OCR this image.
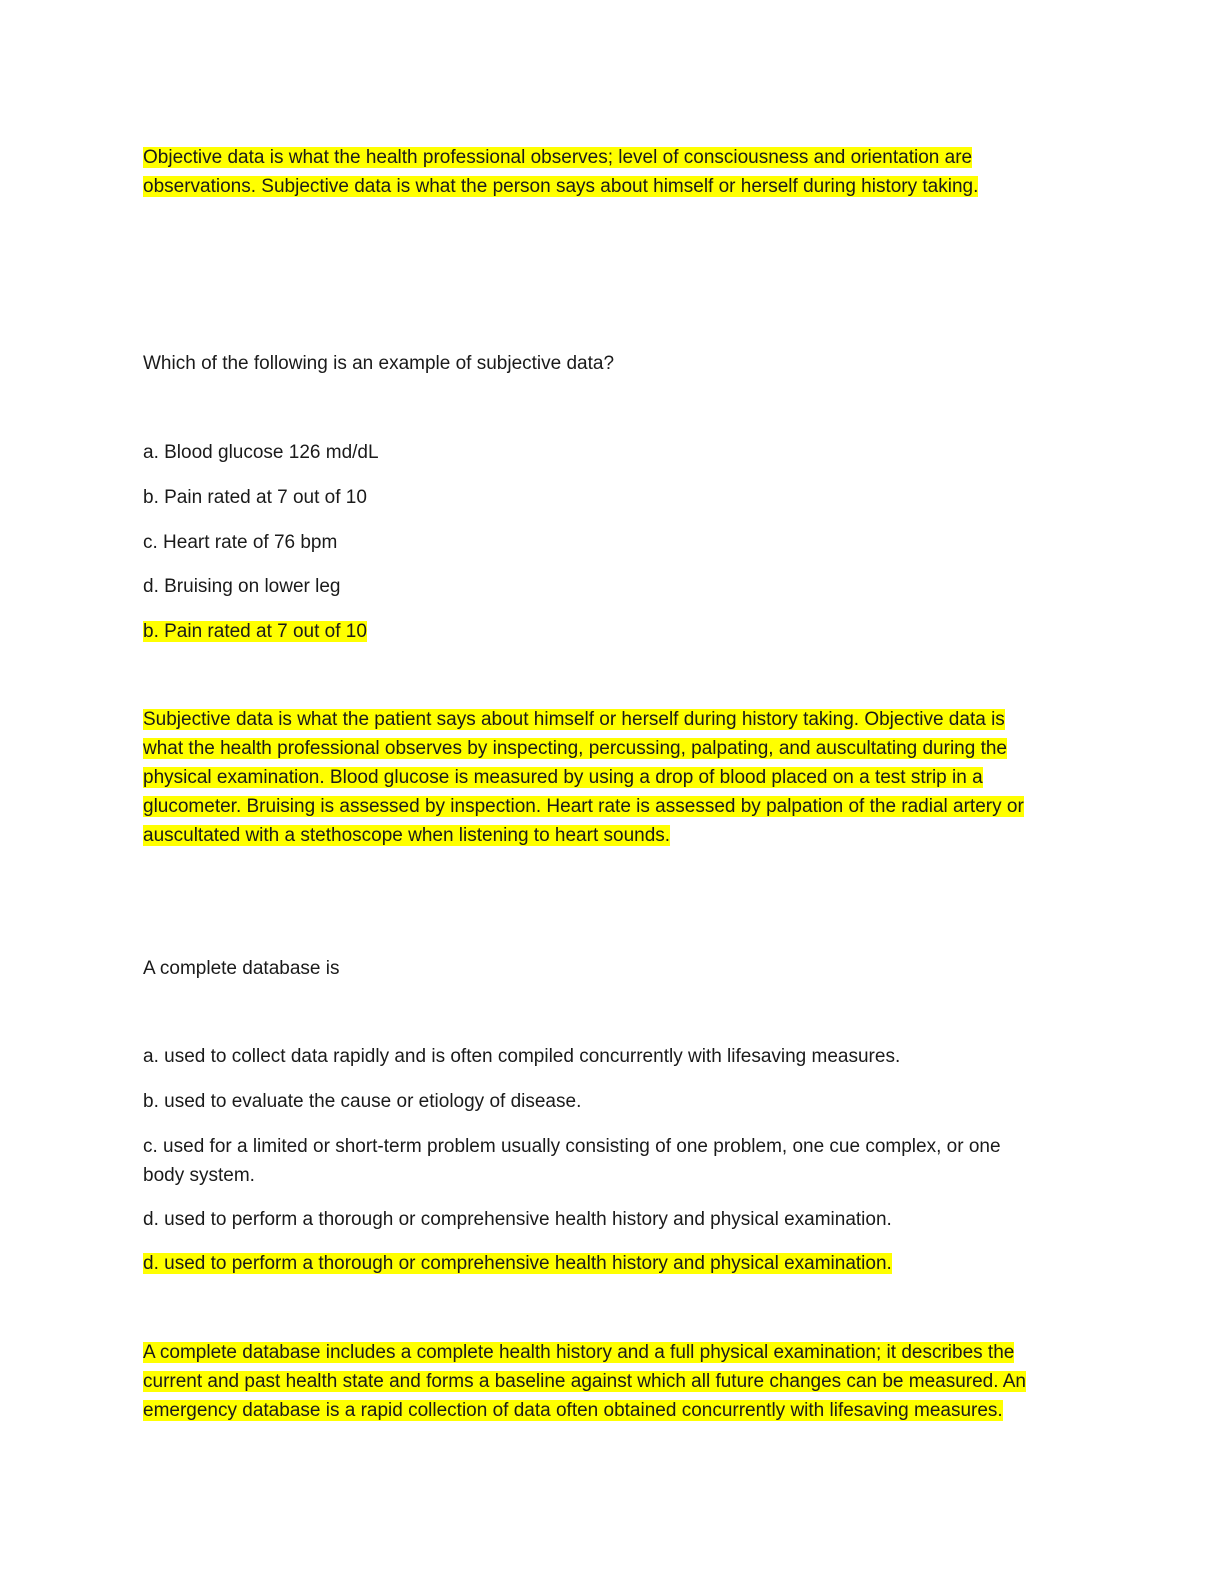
Objective data is what the health professional observes; level of consciousness and orientation are
observations. Subjective data is what the person says about himself or herself during history taking.
Which of the following is an example of subjective data?
a. Blood glucose 126 md/dL
b. Pain rated at 7 out of 10
c. Heart rate of 76 bpm
d. Bruising on lower leg
b. Pain rated at 7 out of 10
Subjective data is what the patient says about himself or herself during history taking. Objective data is
what the health professional observes by inspecting, percussing, palpating, and auscultating during the
physical examination. Blood glucose is measured by using a drop of blood placed on a test strip in a
glucometer. Bruising is assessed by inspection. Heart rate is assessed by palpation of the radial artery or
auscultated with a stethoscope when listening to heart sounds.
A complete database is
a. used to collect data rapidly and is often compiled concurrently with lifesaving measures.
b. used to evaluate the cause or etiology of disease.
c. used for a limited or short-term problem usually consisting of one problem, one cue complex, or one
body system.
d. used to perform a thorough or comprehensive health history and physical examination.
d. used to perform a thorough or comprehensive health history and physical examination.
A complete database includes a complete health history and a full physical examination; it describes the
current and past health state and forms a baseline against which all future changes can be measured. An
emergency database is a rapid collection of data often obtained concurrently with lifesaving measures.
